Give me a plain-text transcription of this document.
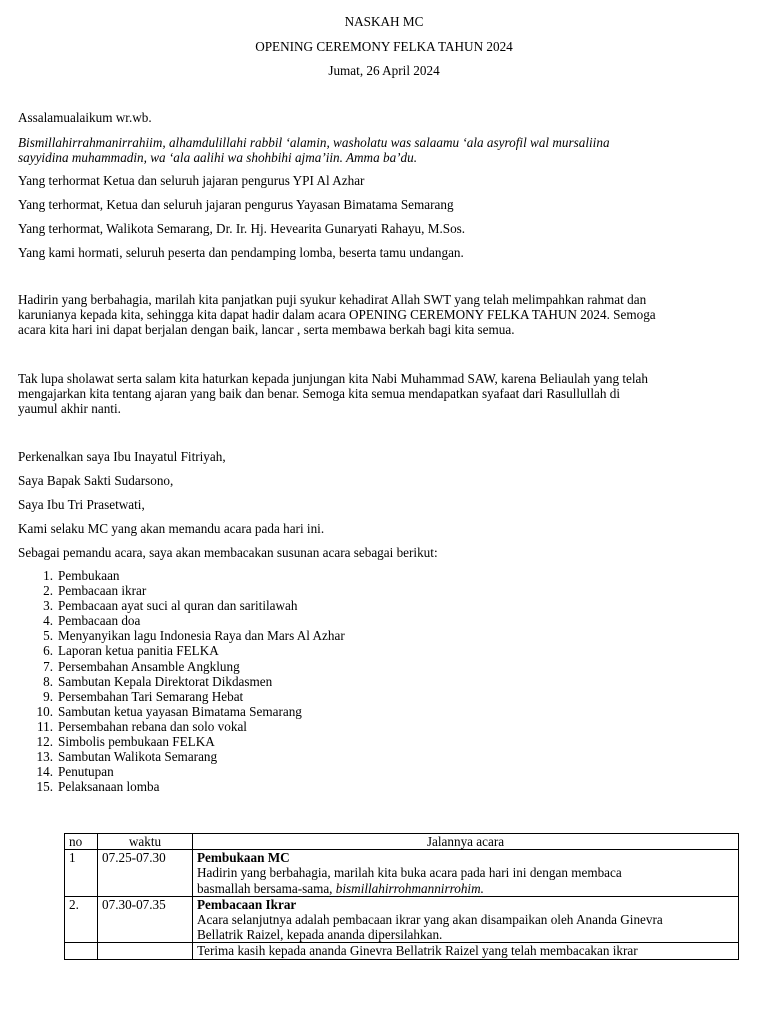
NASKAH MC
OPENING CEREMONY FELKA TAHUN 2024
Jumat, 26 April 2024
Assalamualaikum wr.wb.
Bismillahirrahmanirrahiim, alhamdulillahi rabbil ‘alamin, washolatu was salaamu ‘ala asyrofil wal mursaliina
sayyidina muhammadin, wa ‘ala aalihi wa shohbihi ajma’iin. Amma ba’du.
Yang terhormat Ketua dan seluruh jajaran pengurus YPI Al Azhar
Yang terhormat, Ketua dan seluruh jajaran pengurus Yayasan Bimatama Semarang
Yang terhormat, Walikota Semarang, Dr. Ir. Hj. Hevearita Gunaryati Rahayu, M.Sos.
Yang kami hormati, seluruh peserta dan pendamping lomba, beserta tamu undangan.
Hadirin yang berbahagia, marilah kita panjatkan puji syukur kehadirat Allah SWT yang telah melimpahkan rahmat dan
karunianya kepada kita, sehingga kita dapat hadir dalam acara OPENING CEREMONY FELKA TAHUN 2024. Semoga
acara kita hari ini dapat berjalan dengan baik, lancar , serta membawa berkah bagi kita semua.
Tak lupa sholawat serta salam kita haturkan kepada junjungan kita Nabi Muhammad SAW, karena Beliaulah yang telah
mengajarkan kita tentang ajaran yang baik dan benar. Semoga kita semua mendapatkan syafaat dari Rasullullah di
yaumul akhir nanti.
Perkenalkan saya Ibu Inayatul Fitriyah,
Saya Bapak Sakti Sudarsono,
Saya Ibu Tri Prasetwati,
Kami selaku MC yang akan memandu acara pada hari ini.
Sebagai pemandu acara, saya akan membacakan susunan acara sebagai berikut:
1. Pembukaan
2. Pembacaan ikrar
3. Pembacaan ayat suci al quran dan saritilawah
4. Pembacaan doa
5. Menyanyikan lagu Indonesia Raya dan Mars Al Azhar
6. Laporan ketua panitia FELKA
7. Persembahan Ansamble Angklung
8. Sambutan Kepala Direktorat Dikdasmen
9. Persembahan Tari Semarang Hebat
10. Sambutan ketua yayasan Bimatama Semarang
11. Persembahan rebana dan solo vokal
12. Simbolis pembukaan FELKA
13. Sambutan Walikota Semarang
14. Penutupan
15. Pelaksanaan lomba
no	waktu	Jalannya acara
1	07.25-07.30	Pembukaan MC
Hadirin yang berbahagia, marilah kita buka acara pada hari ini dengan membaca
basmallah bersama-sama, bismillahirrohmannirrohim.

2.	07.30-07.35	Pembacaan Ikrar
Acara selanjutnya adalah pembacaan ikrar yang akan disampaikan oleh Ananda Ginevra
Bellatrik Raizel, kepada ananda dipersilahkan.

		Terima kasih kepada ananda Ginevra Bellatrik Raizel yang telah membacakan ikrar
